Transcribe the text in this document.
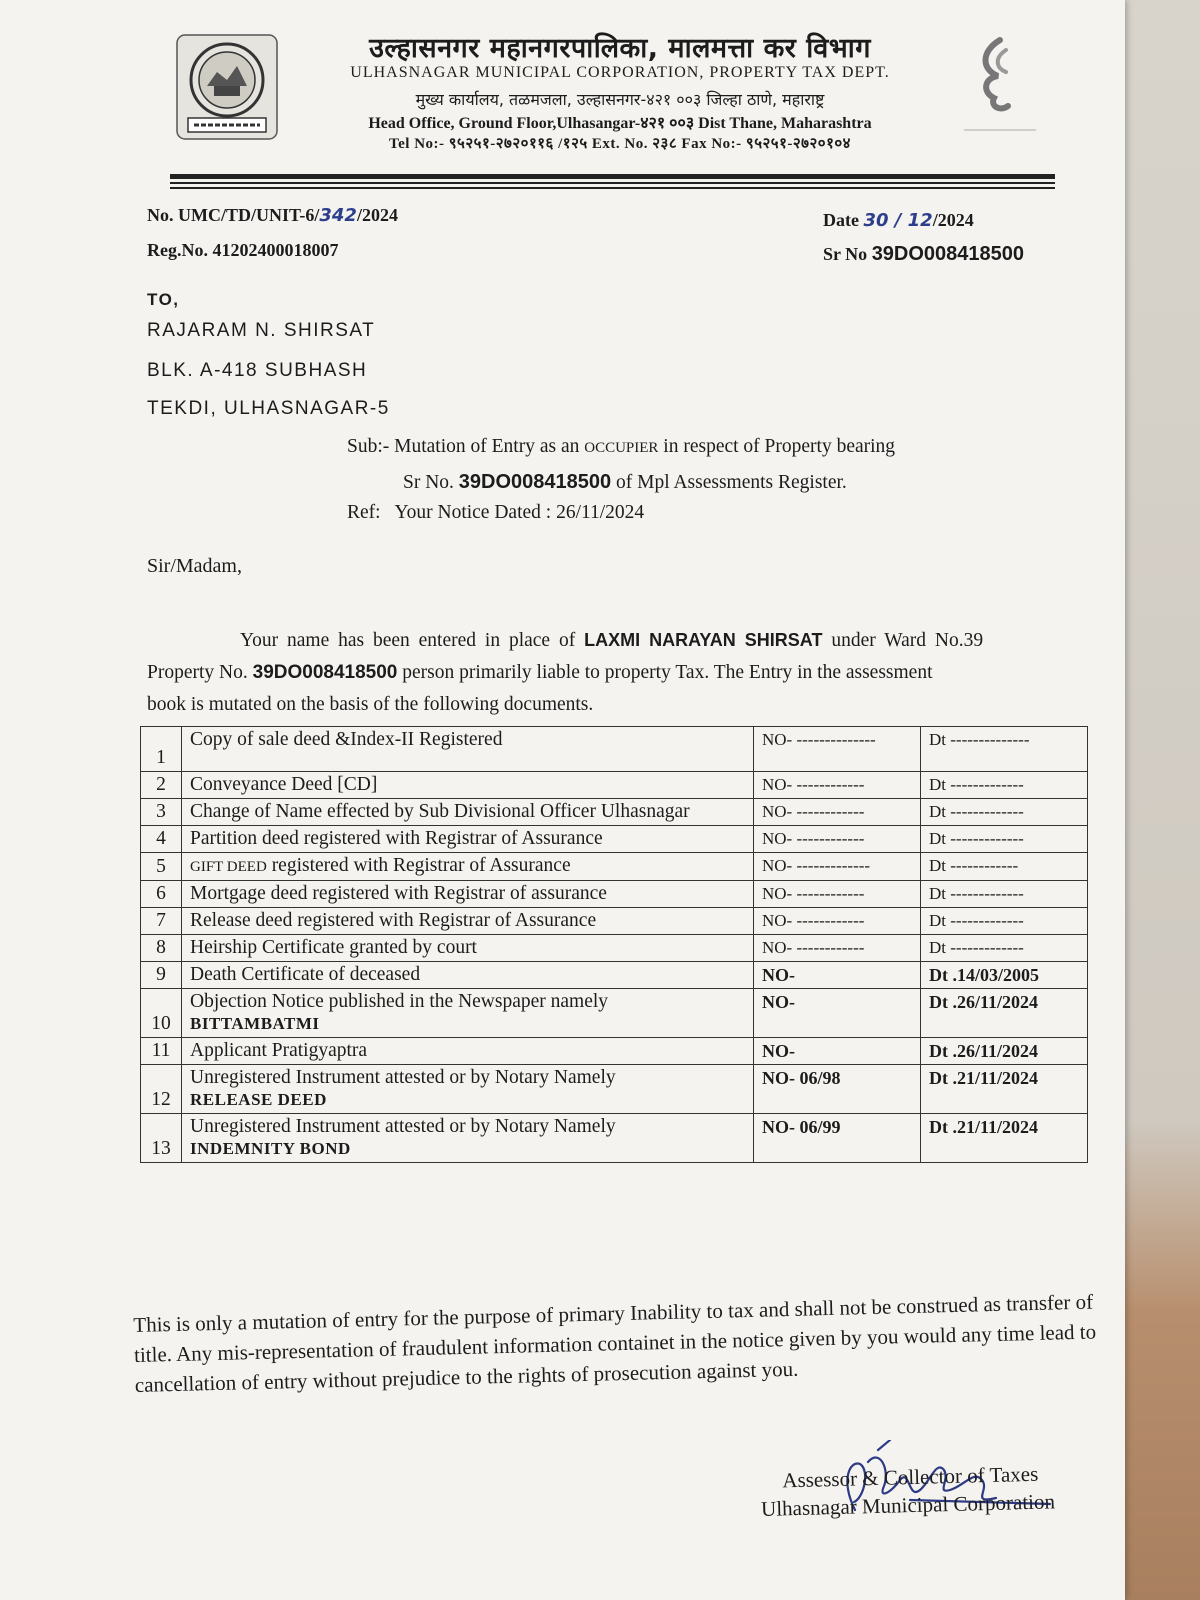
उल्हासनगर महानगरपालिका, मालमत्ता कर विभाग
ULHASNAGAR MUNICIPAL CORPORATION, PROPERTY TAX DEPT.
मुख्य कार्यालय, तळमजला, उल्हासनगर-४२१ ००३ जिल्हा ठाणे, महाराष्ट्र
Head Office, Ground Floor,Ulhasangar-४२१ ००३ Dist Thane, Maharashtra
Tel No:- ९५२५१-२७२०११६ /१२५ Ext. No. २३८ Fax No:- ९५२५१-२७२०१०४
No. UMC/TD/UNIT-6/342/2024
Reg.No. 41202400018007
Date 30 / 12/2024
Sr No 39DO008418500
TO,
RAJARAM N. SHIRSAT
BLK. A-418 SUBHASH
TEKDI, ULHASNAGAR-5
Sub:- Mutation of Entry as an OCCUPIER in respect of Property bearing
Sr No. 39DO008418500 of Mpl Assessments Register.
Ref: Your Notice Dated : 26/11/2024
Sir/Madam,
Your name has been entered in place of LAXMI NARAYAN SHIRSAT under Ward No.39
Property No. 39DO008418500 person primarily liable to property Tax. The Entry in the assessment
book is mutated on the basis of the following documents.
1	Copy of sale deed &Index-II Registered	NO- --------------	Dt --------------
2	Conveyance Deed [CD]	NO- ------------	Dt -------------
3	Change of Name effected by Sub Divisional Officer Ulhasnagar	NO- ------------	Dt -------------
4	Partition deed registered with Registrar of Assurance	NO- ------------	Dt -------------
5	GIFT DEED registered with Registrar of Assurance	NO- -------------	Dt ------------
6	Mortgage deed registered with Registrar of assurance	NO- ------------	Dt -------------
7	Release deed registered with Registrar of Assurance	NO- ------------	Dt -------------
8	Heirship Certificate granted by court	NO- ------------	Dt -------------
9	Death Certificate of deceased	NO-	Dt .14/03/2005
10	Objection Notice published in the Newspaper namely
BITTAMBATMI	NO-	Dt .26/11/2024
11	Applicant Pratigyaptra	NO-	Dt .26/11/2024
12	Unregistered Instrument attested or by Notary Namely
RELEASE DEED	NO- 06/98	Dt .21/11/2024
13	Unregistered Instrument attested or by Notary Namely
INDEMNITY BOND	NO- 06/99	Dt .21/11/2024
This is only a mutation of entry for the purpose of primary Inability to tax and shall not be construed as transfer of title. Any mis-representation of fraudulent information containet in the notice given by you would any time lead to cancellation of entry without prejudice to the rights of prosecution against you.
Assessor & Collector of Taxes
Ulhasnagar Municipal Corporation
